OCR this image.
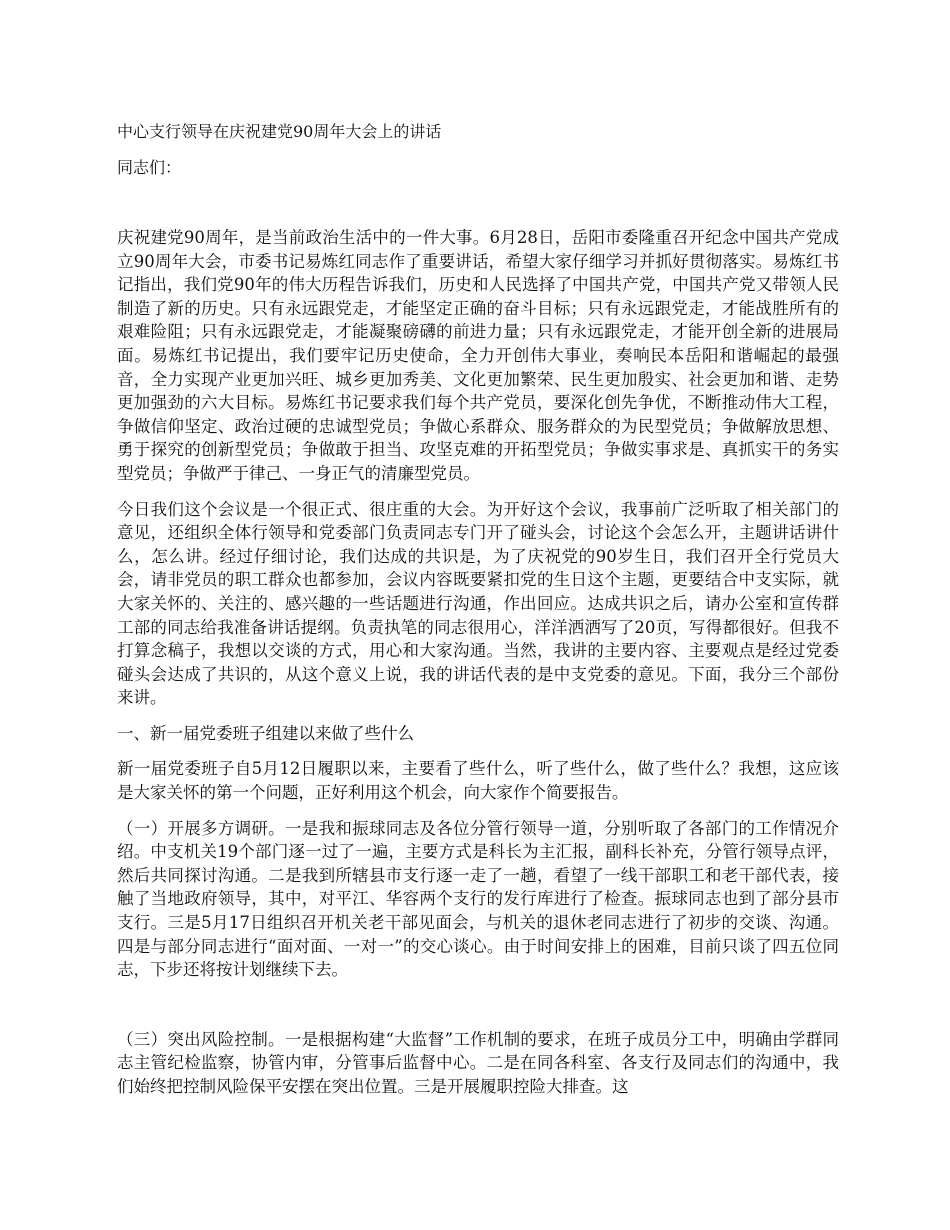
中心支行领导在庆祝建党90周年大会上的讲话

同志们：

庆祝建党90周年，是当前政治生活中的一件大事。6月28日，岳阳市委隆重召开纪念中国共产党成立90周年大会，市委书记易炼红同志作了重要讲话，希望大家仔细学习并抓好贯彻落实。易炼红书记指出，我们党90年的伟大历程告诉我们，历史和人民选择了中国共产党，中国共产党又带领人民制造了新的历史。只有永远跟党走，才能坚定正确的奋斗目标；只有永远跟党走，才能战胜所有的艰难险阻；只有永远跟党走，才能凝聚磅礴的前进力量；只有永远跟党走，才能开创全新的进展局面。易炼红书记提出，我们要牢记历史使命，全力开创伟大事业，奏响民本岳阳和谐崛起的最强音，全力实现产业更加兴旺、城乡更加秀美、文化更加繁荣、民生更加殷实、社会更加和谐、走势更加强劲的六大目标。易炼红书记要求我们每个共产党员，要深化创先争优，不断推动伟大工程，争做信仰坚定、政治过硬的忠诚型党员；争做心系群众、服务群众的为民型党员；争做解放思想、勇于探究的创新型党员；争做敢于担当、攻坚克难的开拓型党员；争做实事求是、真抓实干的务实型党员；争做严于律己、一身正气的清廉型党员。

今日我们这个会议是一个很正式、很庄重的大会。为开好这个会议，我事前广泛听取了相关部门的意见，还组织全体行领导和党委部门负责同志专门开了碰头会，讨论这个会怎么开，主题讲话讲什么，怎么讲。经过仔细讨论，我们达成的共识是，为了庆祝党的90岁生日，我们召开全行党员大会，请非党员的职工群众也都参加，会议内容既要紧扣党的生日这个主题，更要结合中支实际，就大家关怀的、关注的、感兴趣的一些话题进行沟通，作出回应。达成共识之后，请办公室和宣传群工部的同志给我准备讲话提纲。负责执笔的同志很用心，洋洋洒洒写了20页，写得都很好。但我不打算念稿子，我想以交谈的方式，用心和大家沟通。当然，我讲的主要内容、主要观点是经过党委碰头会达成了共识的，从这个意义上说，我的讲话代表的是中支党委的意见。下面，我分三个部份来讲。

一、新一届党委班子组建以来做了些什么

新一届党委班子自5月12日履职以来，主要看了些什么，听了些什么，做了些什么？我想，这应该是大家关怀的第一个问题，正好利用这个机会，向大家作个简要报告。

（一）开展多方调研。一是我和振球同志及各位分管行领导一道，分别听取了各部门的工作情况介绍。中支机关19个部门逐一过了一遍，主要方式是科长为主汇报，副科长补充，分管行领导点评，然后共同探讨沟通。二是我到所辖县市支行逐一走了一趟，看望了一线干部职工和老干部代表，接触了当地政府领导，其中，对平江、华容两个支行的发行库进行了检查。振球同志也到了部分县市支行。三是5月17日组织召开机关老干部见面会，与机关的退休老同志进行了初步的交谈、沟通。四是与部分同志进行“面对面、一对一”的交心谈心。由于时间安排上的困难，目前只谈了四五位同志，下步还将按计划继续下去。

（三）突出风险控制。一是根据构建“大监督”工作机制的要求，在班子成员分工中，明确由学群同志主管纪检监察，协管内审，分管事后监督中心。二是在同各科室、各支行及同志们的沟通中，我们始终把控制风险保平安摆在突出位置。三是开展履职控险大排查。这
